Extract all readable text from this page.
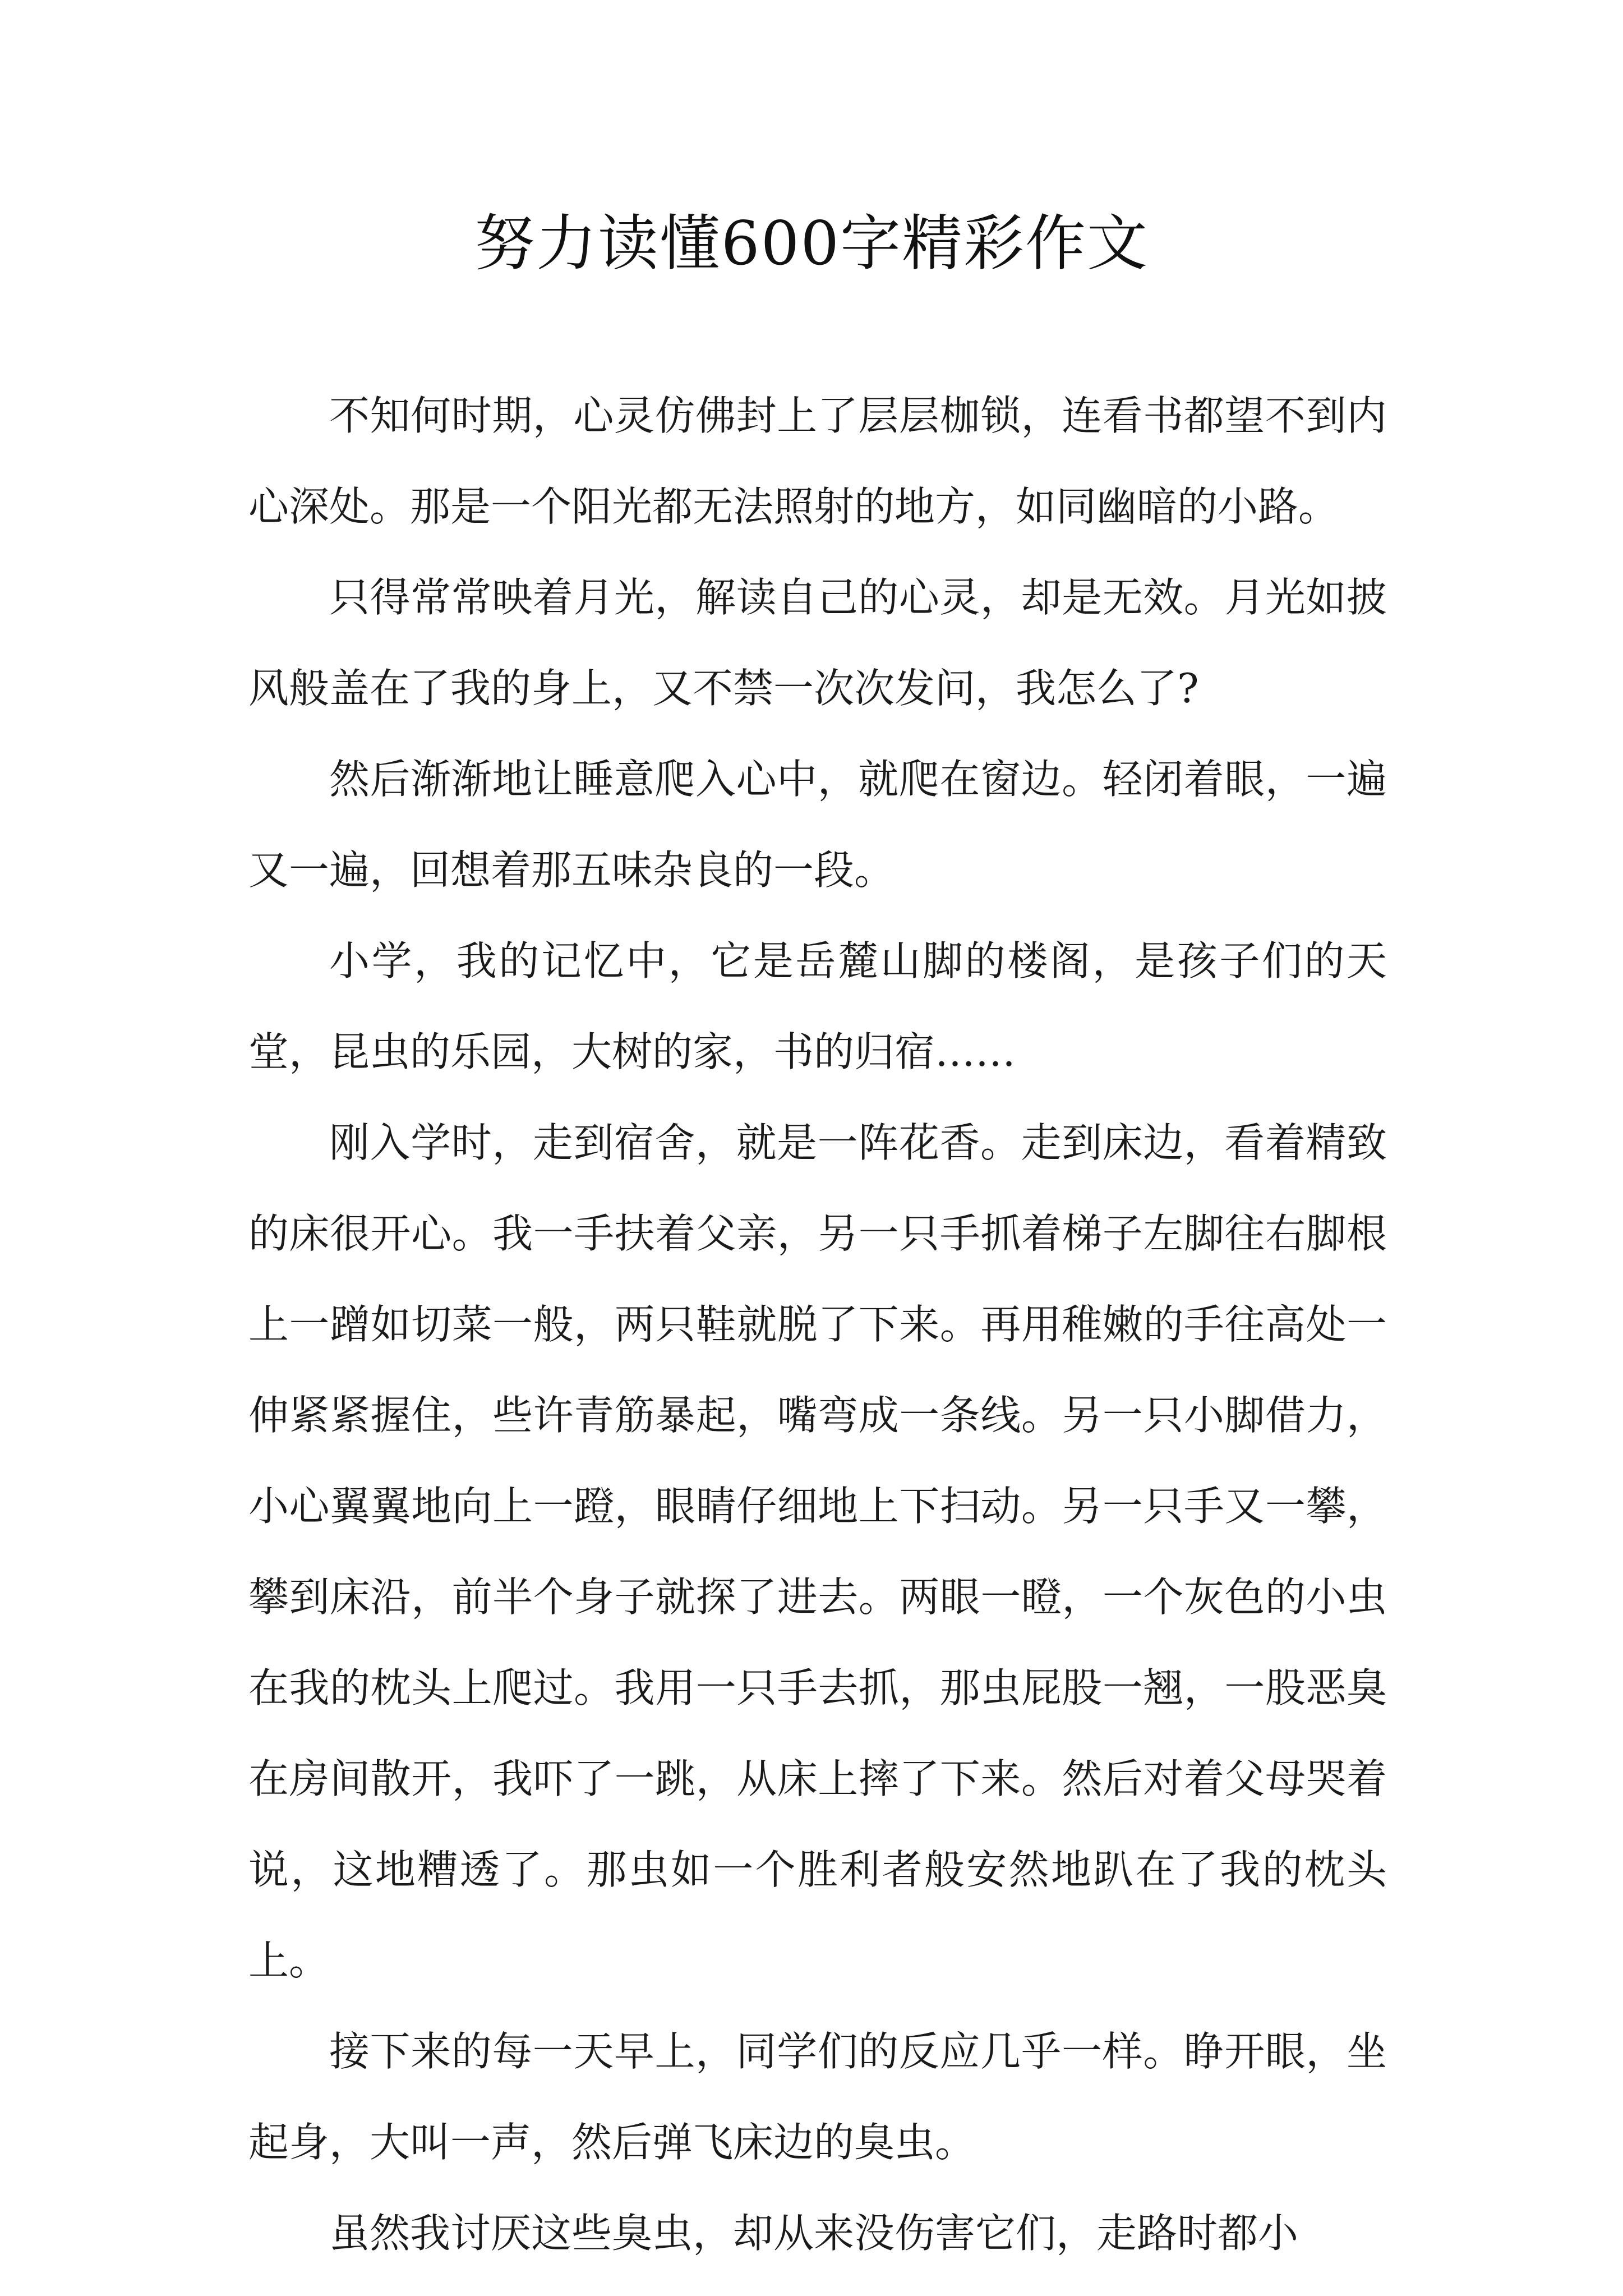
努力读懂600字精彩作文

不知何时期，心灵仿佛封上了层层枷锁，连看书都望不到内心深处。那是一个阳光都无法照射的地方，如同幽暗的小路。

只得常常映着月光，解读自己的心灵，却是无效。月光如披风般盖在了我的身上，又不禁一次次发问，我怎么了?

然后渐渐地让睡意爬入心中，就爬在窗边。轻闭着眼，一遍又一遍，回想着那五味杂良的一段。

小学，我的记忆中，它是岳麓山脚的楼阁，是孩子们的天堂，昆虫的乐园，大树的家，书的归宿……

刚入学时，走到宿舍，就是一阵花香。走到床边，看着精致的床很开心。我一手扶着父亲，另一只手抓着梯子左脚往右脚根上一蹭如切菜一般，两只鞋就脱了下来。再用稚嫩的手往高处一伸紧紧握住，些许青筋暴起，嘴弯成一条线。另一只小脚借力，小心翼翼地向上一蹬，眼睛仔细地上下扫动。另一只手又一攀，攀到床沿，前半个身子就探了进去。两眼一瞪，一个灰色的小虫在我的枕头上爬过。我用一只手去抓，那虫屁股一翘，一股恶臭在房间散开，我吓了一跳，从床上摔了下来。然后对着父母哭着说，这地糟透了。那虫如一个胜利者般安然地趴在了我的枕头上。

接下来的每一天早上，同学们的反应几乎一样。睁开眼，坐起身，大叫一声，然后弹飞床边的臭虫。

虽然我讨厌这些臭虫，却从来没伤害它们，走路时都小
